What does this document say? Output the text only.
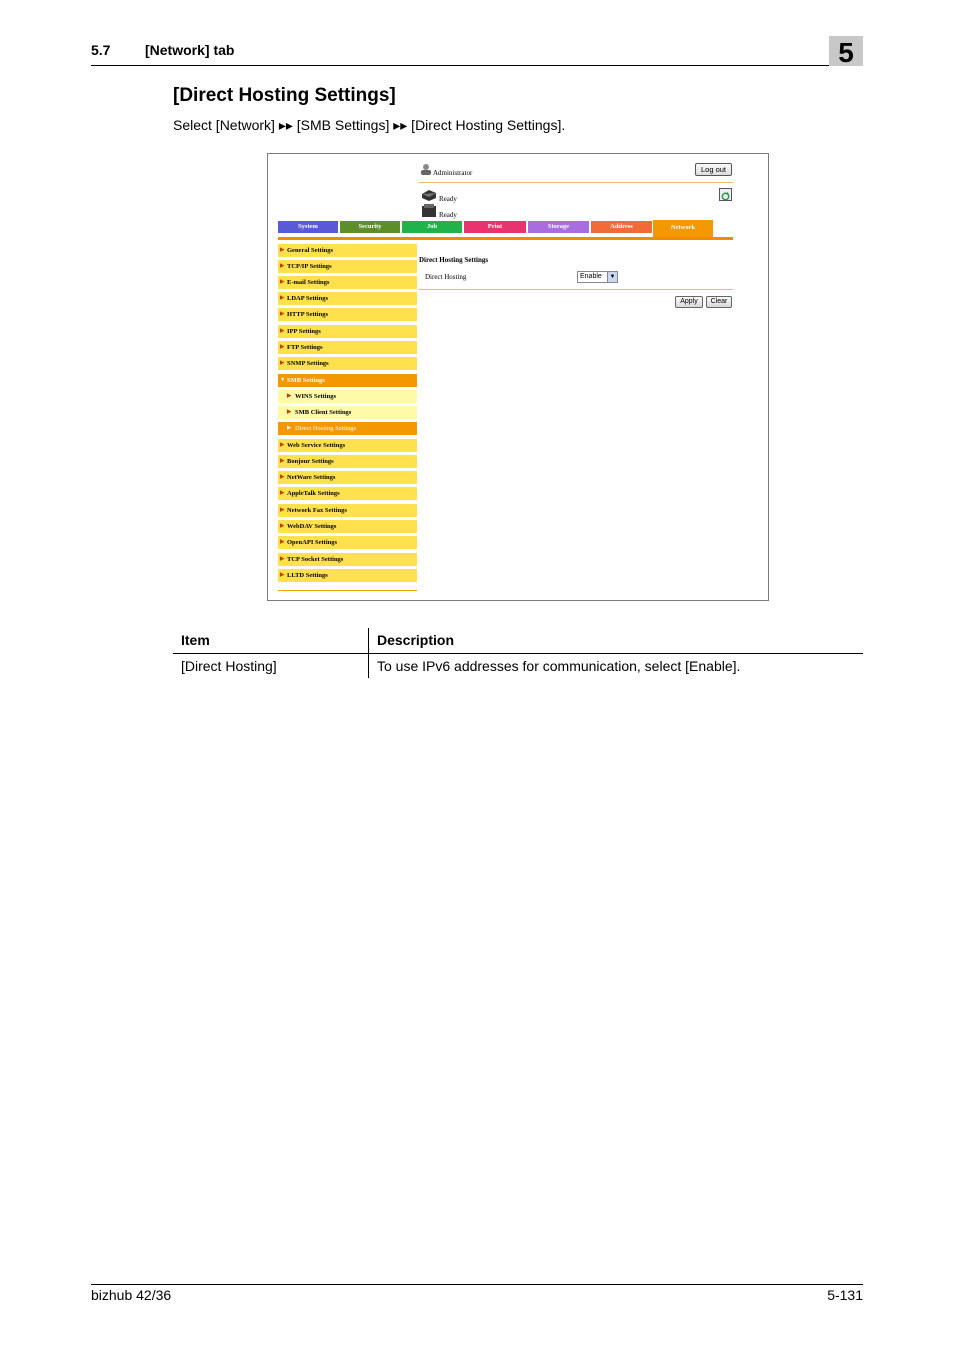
5.7 [Network] tab	5
[Direct Hosting Settings]
Select [Network] ▸▸ [SMB Settings] ▸▸ [Direct Hosting Settings].
Administrator	Log out
Ready
Ready
System	Security	Job	Print	Storage	Address	Network
▶ General Settings
▶ TCP/IP Settings
▶ E-mail Settings
▶ LDAP Settings
▶ HTTP Settings
▶ IPP Settings
▶ FTP Settings
▶ SNMP Settings
▼ SMB Settings
▶ WINS Settings
▶ SMB Client Settings
▶ Direct Hosting Settings
▶ Web Service Settings
▶ Bonjour Settings
▶ NetWare Settings
▶ AppleTalk Settings
▶ Network Fax Settings
▶ WebDAV Settings
▶ OpenAPI Settings
▶ TCP Socket Settings
▶ LLTD Settings
Direct Hosting Settings
Direct Hosting	Enable	▼
Apply	Clear
Item	Description
[Direct Hosting]	To use IPv6 addresses for communication, select [Enable].
bizhub 42/36	5-131
